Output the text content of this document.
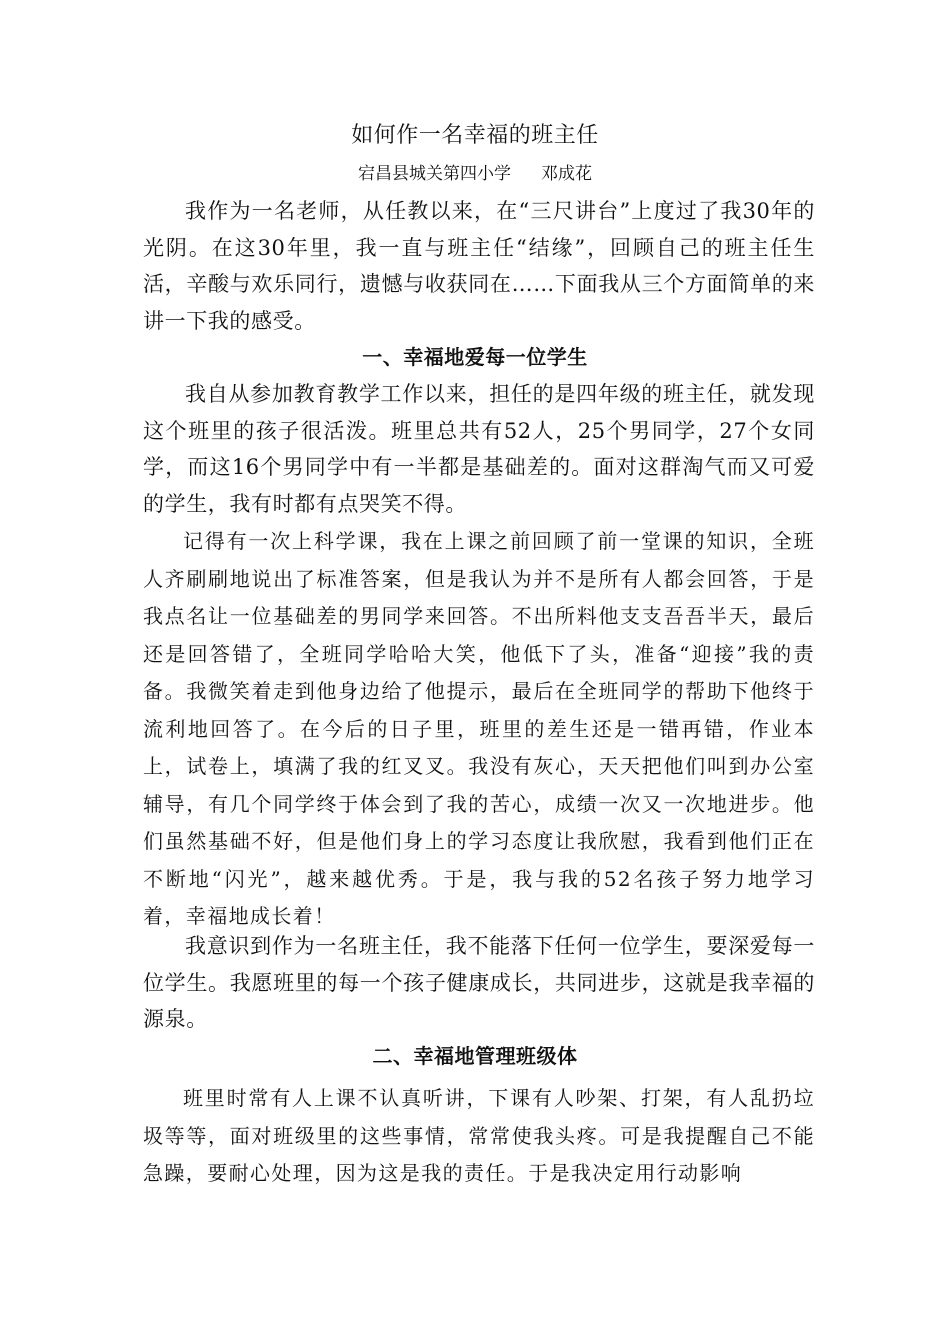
如何作一名幸福的班主任
宕昌县城关第四小学 邓成花

我作为一名老师，从任教以来，在“三尺讲台”上度过了我30年的光阴。在这30年里，我一直与班主任“结缘”，回顾自己的班主任生活，辛酸与欢乐同行，遗憾与收获同在……下面我从三个方面简单的来讲一下我的感受。

一、幸福地爱每一位学生

我自从参加教育教学工作以来，担任的是四年级的班主任，就发现这个班里的孩子很活泼。班里总共有52人，25个男同学，27个女同学，而这16个男同学中有一半都是基础差的。面对这群淘气而又可爱的学生，我有时都有点哭笑不得。

记得有一次上科学课，我在上课之前回顾了前一堂课的知识，全班人齐刷刷地说出了标准答案，但是我认为并不是所有人都会回答，于是我点名让一位基础差的男同学来回答。不出所料他支支吾吾半天，最后还是回答错了，全班同学哈哈大笑，他低下了头，准备“迎接”我的责备。我微笑着走到他身边给了他提示，最后在全班同学的帮助下他终于流利地回答了。在今后的日子里，班里的差生还是一错再错，作业本上，试卷上，填满了我的红叉叉。我没有灰心，天天把他们叫到办公室辅导，有几个同学终于体会到了我的苦心，成绩一次又一次地进步。他们虽然基础不好，但是他们身上的学习态度让我欣慰，我看到他们正在不断地“闪光”，越来越优秀。于是，我与我的52名孩子努力地学习着，幸福地成长着！

我意识到作为一名班主任，我不能落下任何一位学生，要深爱每一位学生。我愿班里的每一个孩子健康成长，共同进步，这就是我幸福的源泉。

二、幸福地管理班级体

班里时常有人上课不认真听讲，下课有人吵架、打架，有人乱扔垃圾等等，面对班级里的这些事情，常常使我头疼。可是我提醒自己不能急躁，要耐心处理，因为这是我的责任。于是我决定用行动影响
